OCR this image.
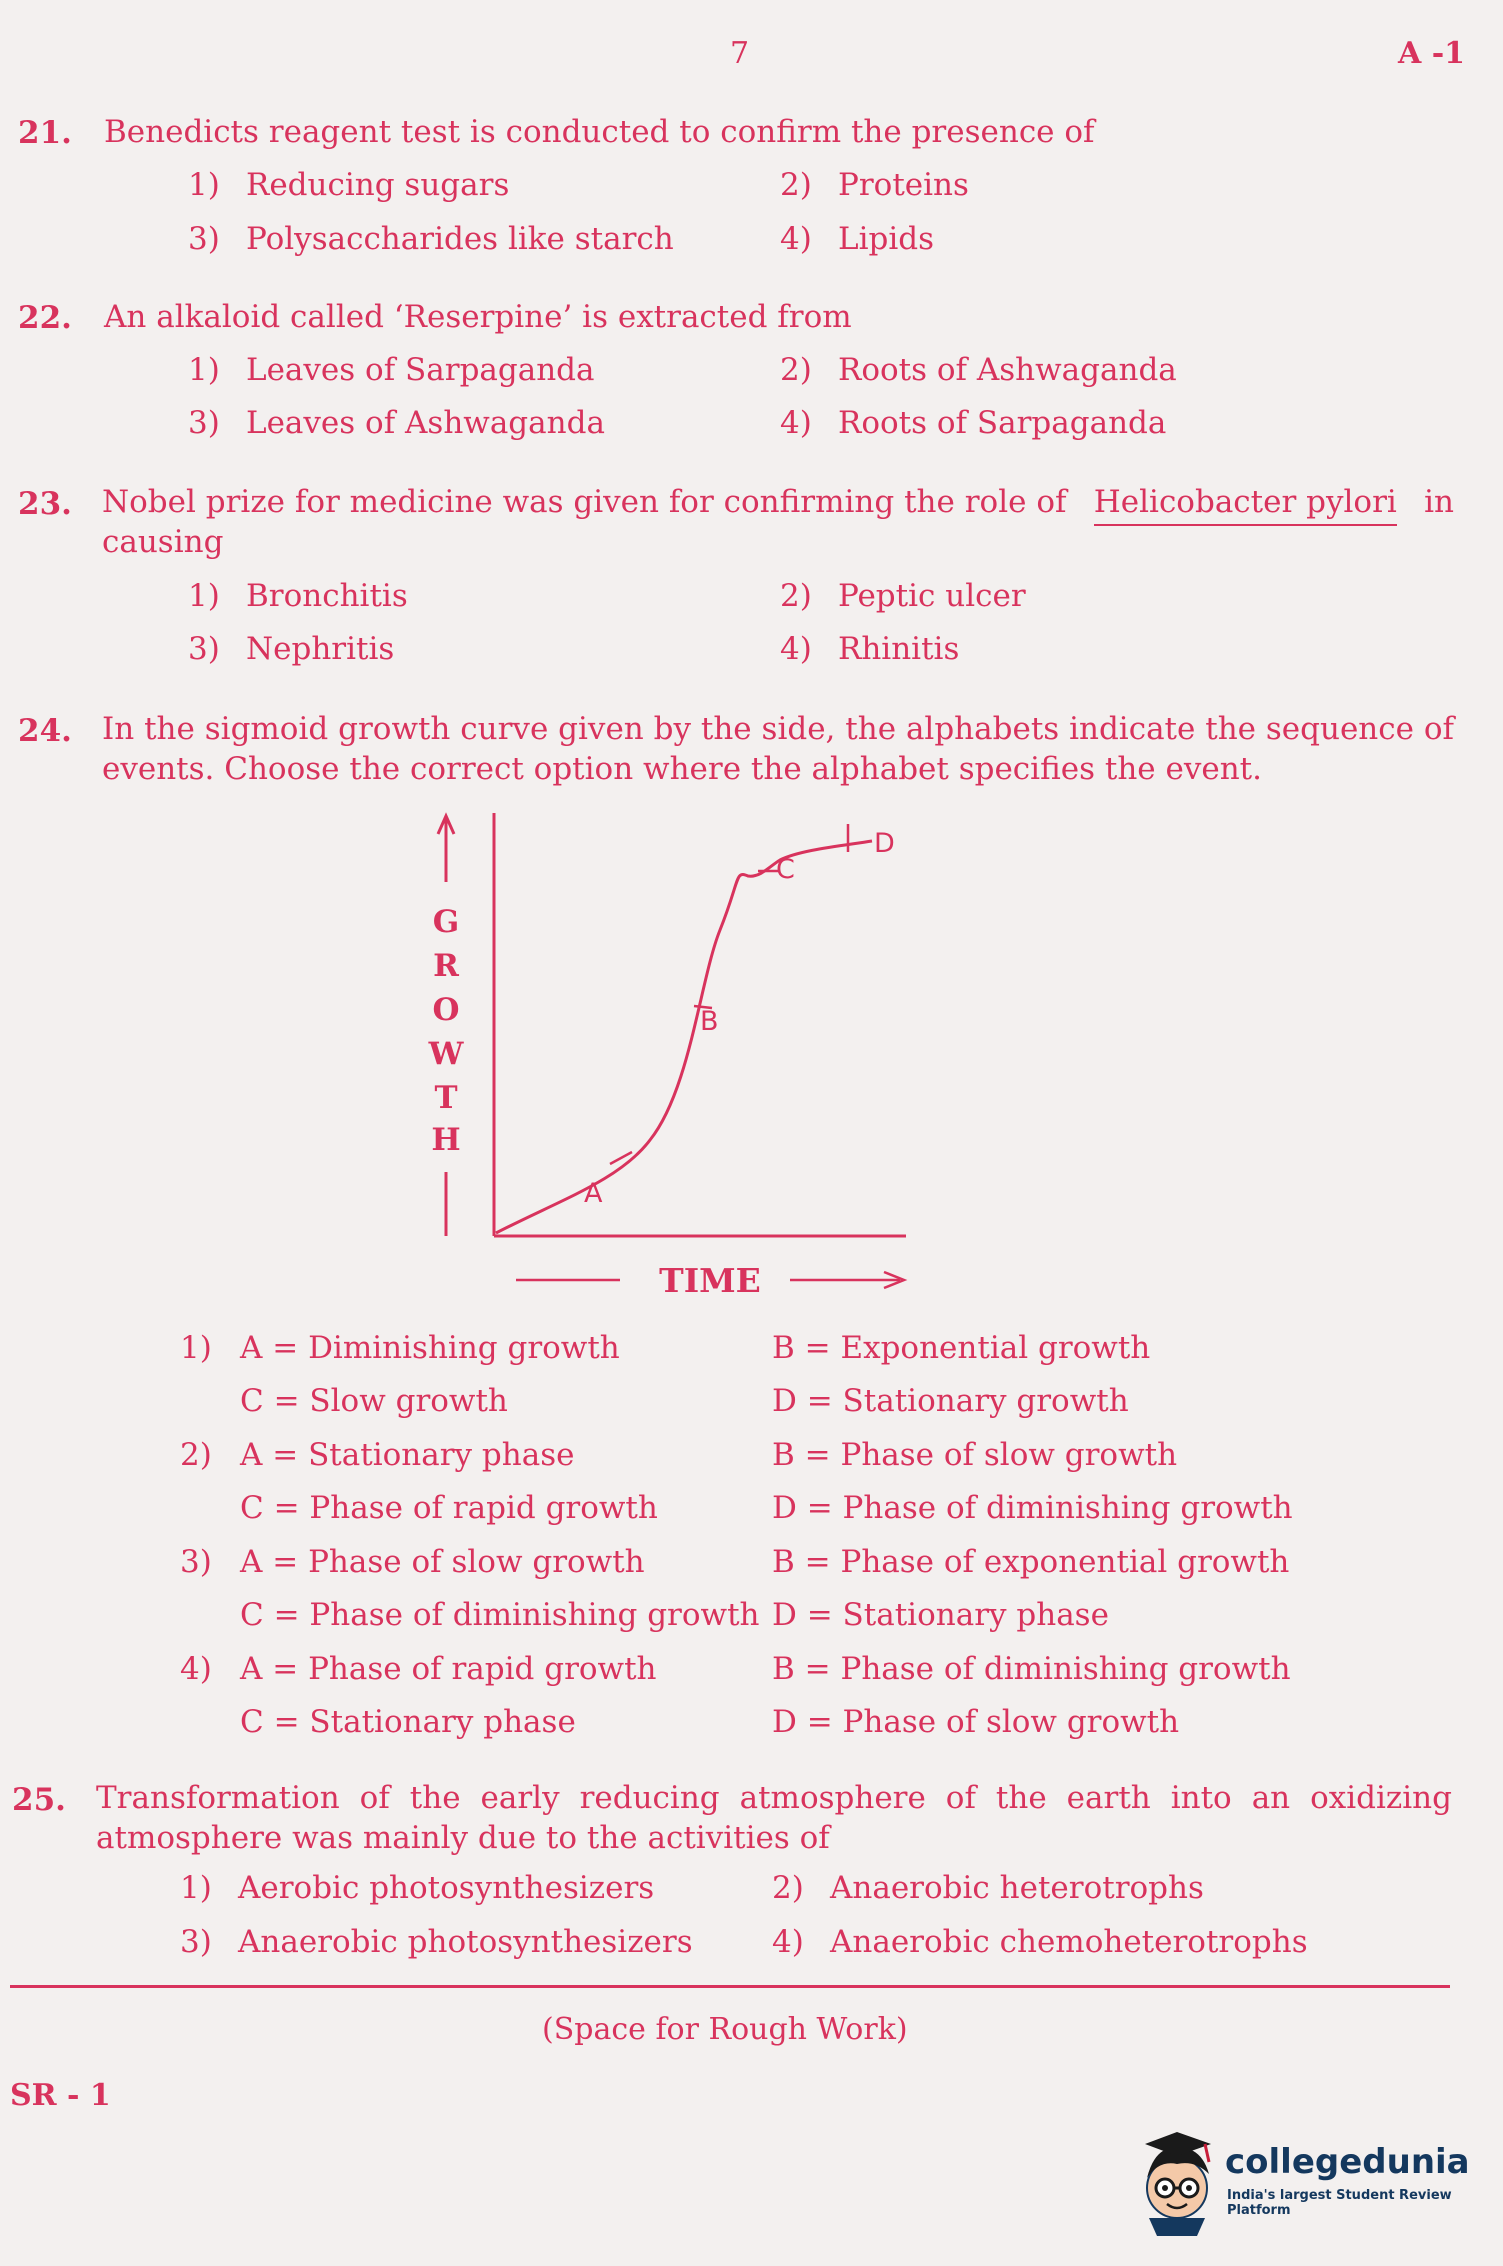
7	A -1
21. Benedicts reagent test is conducted to confirm the presence of
1) Reducing sugars	2) Proteins
3) Polysaccharides like starch	4) Lipids
22. An alkaloid called ‘Reserpine’ is extracted from
1) Leaves of Sarpaganda	2) Roots of Ashwaganda
3) Leaves of Ashwaganda	4) Roots of Sarpaganda
23. Nobel prize for medicine was given for confirming the role of Helicobacter pylori in
causing
1) Bronchitis	2) Peptic ulcer
3) Nephritis	4) Rhinitis
24. In the sigmoid growth curve given by the side, the alphabets indicate the sequence of
events. Choose the correct option where the alphabet specifies the event.
G
R
O
W
T
H
A
B
C
D
TIME
1) A = Diminishing growth	B = Exponential growth
C = Slow growth	D = Stationary growth
2) A = Stationary phase	B = Phase of slow growth
C = Phase of rapid growth	D = Phase of diminishing growth
3) A = Phase of slow growth	B = Phase of exponential growth
C = Phase of diminishing growth D = Stationary phase
4) A = Phase of rapid growth	B = Phase of diminishing growth
C = Stationary phase	D = Phase of slow growth
25. Transformation of the early reducing atmosphere of the earth into an oxidizing
atmosphere was mainly due to the activities of
1) Aerobic photosynthesizers	2) Anaerobic heterotrophs
3) Anaerobic photosynthesizers	4) Anaerobic chemoheterotrophs
(Space for Rough Work)
SR - 1
collegedunia
India's largest Student Review Platform
